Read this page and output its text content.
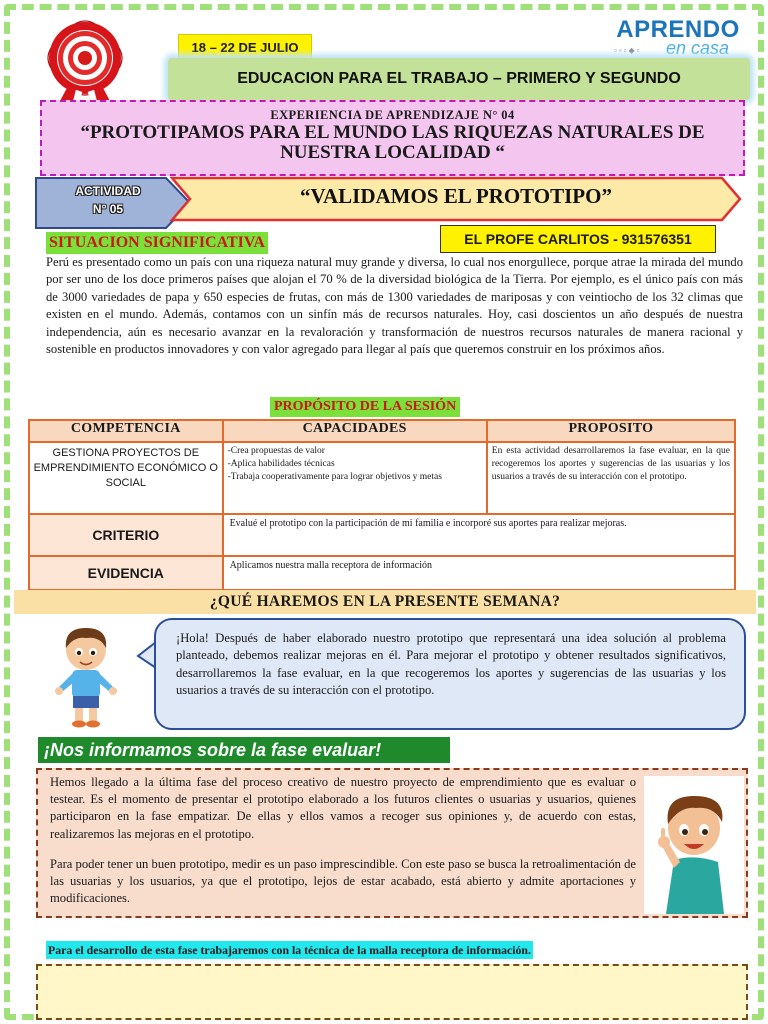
18 – 22 DE JULIO
APRENDO
▫▫▫◆▫ en casa
EDUCACION PARA EL TRABAJO – PRIMERO Y SEGUNDO
EXPERIENCIA DE APRENDIZAJE N° 04
“PROTOTIPAMOS PARA EL MUNDO LAS RIQUEZAS NATURALES DE NUESTRA LOCALIDAD “
ACTIVIDAD
N° 05
“VALIDAMOS EL PROTOTIPO”
SITUACION SIGNIFICATIVA	EL PROFE CARLITOS - 931576351

Perú es presentado como un país con una riqueza natural muy grande y diversa, lo cual nos enorgullece, porque atrae la mirada del mundo por ser uno de los doce primeros países que alojan el 70 % de la diversidad biológica de la Tierra. Por ejemplo, es el único país con más de 3000 variedades de papa y 650 especies de frutas, con más de 1300 variedades de mariposas y con veintiocho de los 32 climas que existen en el mundo. Además, contamos con un sinfín más de recursos naturales. Hoy, casi doscientos un año después de nuestra independencia, aún es necesario avanzar en la revaloración y transformación de nuestros recursos naturales de manera racional y sostenible en productos innovadores y con valor agregado para llegar al país que queremos construir en los próximos años.

PROPÓSITO DE LA SESIÓN
COMPETENCIA	CAPACIDADES	PROPOSITO
GESTIONA PROYECTOS DE EMPRENDIMIENTO ECONÓMICO O SOCIAL	-Crea propuestas de valor
-Aplica habilidades técnicas
-Trabaja cooperativamente para lograr objetivos y metas	En esta actividad desarrollaremos la fase evaluar, en la que recogeremos los aportes y sugerencias de las usuarias y los usuarios a través de su interacción con el prototipo.
CRITERIO	Evalué el prototipo con la participación de mi familia e incorporé sus aportes para realizar mejoras.	
EVIDENCIA	Aplicamos nuestra malla receptora de información	
¿QUÉ HAREMOS EN LA PRESENTE SEMANA?
¡Hola! Después de haber elaborado nuestro prototipo que representará una idea solución al problema planteado, debemos realizar mejoras en él. Para mejorar el prototipo y obtener resultados significativos, desarrollaremos la fase evaluar, en la que recogeremos los aportes y sugerencias de las usuarias y los usuarios a través de su interacción con el prototipo.
¡Nos informamos sobre la fase evaluar!

Hemos llegado a la última fase del proceso creativo de nuestro proyecto de emprendimiento que es evaluar o testear. Es el momento de presentar el prototipo elaborado a los futuros clientes o usuarias y usuarios, quienes participaron en la fase empatizar. De ellas y ellos vamos a recoger sus opiniones y, de acuerdo con estas, realizaremos las mejoras en el prototipo.

Para poder tener un buen prototipo, medir es un paso imprescindible. Con este paso se busca la retroalimentación de las usuarias y los usuarios, ya que el prototipo, lejos de estar acabado, está abierto y admite aportaciones y modificaciones.

Para el desarrollo de esta fase trabajaremos con la técnica de la malla receptora de información.
